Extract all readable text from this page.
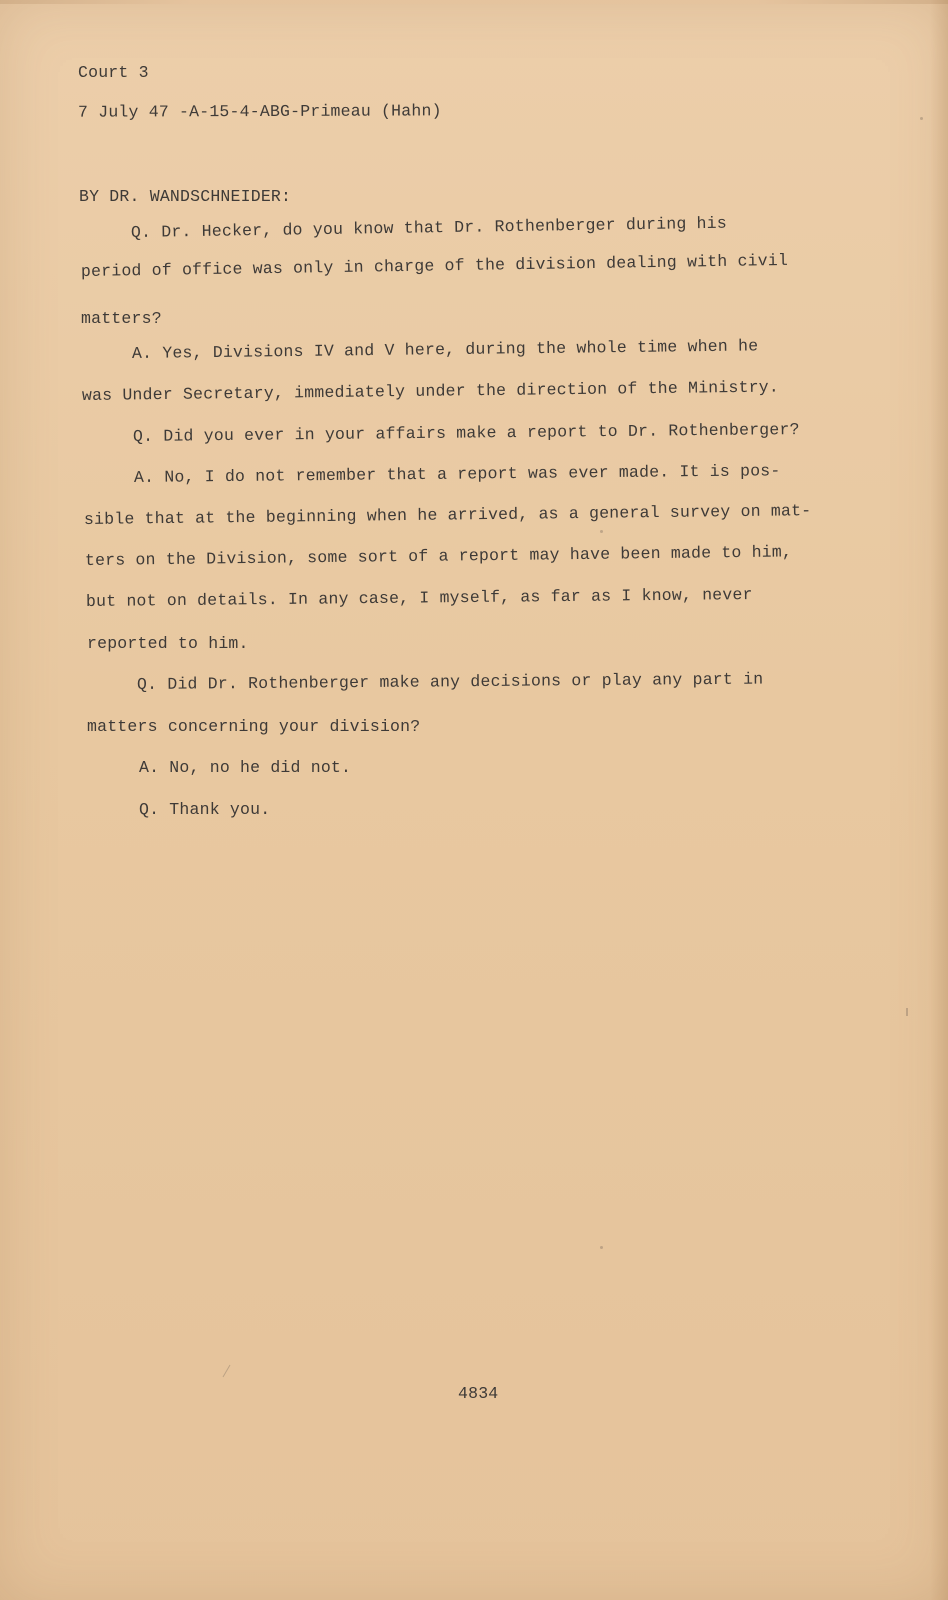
Court 3

7 July 47 -A-15-4-ABG-Primeau (Hahn)

BY DR. WANDSCHNEIDER:

Q. Dr. Hecker, do you know that Dr. Rothenberger during his

period of office was only in charge of the division dealing with civil

matters?

A. Yes, Divisions IV and V here, during the whole time when he

was Under Secretary, immediately under the direction of the Ministry.

Q. Did you ever in your affairs make a report to Dr. Rothenberger?

A. No, I do not remember that a report was ever made. It is pos-

sible that at the beginning when he arrived, as a general survey on mat-

ters on the Division, some sort of a report may have been made to him,

but not on details. In any case, I myself, as far as I know, never

reported to him.

Q. Did Dr. Rothenberger make any decisions or play any part in

matters concerning your division?

A. No, no he did not.

Q. Thank you.

4834
